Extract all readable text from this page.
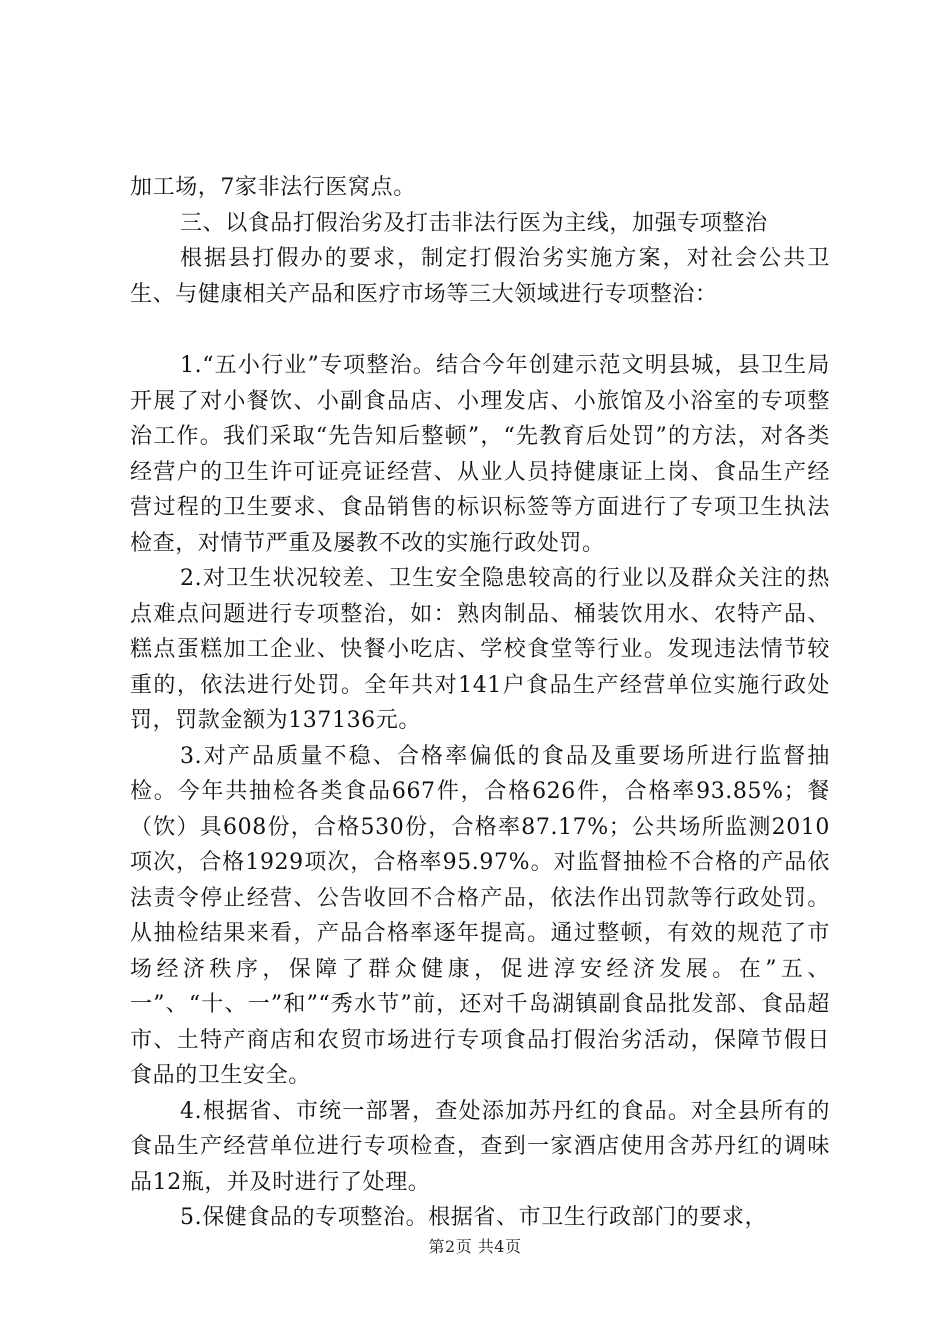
加工场，7家非法行医窝点。

三、以食品打假治劣及打击非法行医为主线，加强专项整治

根据县打假办的要求，制定打假治劣实施方案，对社会公共卫生、与健康相关产品和医疗市场等三大领域进行专项整治：

1.“五小行业”专项整治。结合今年创建示范文明县城，县卫生局开展了对小餐饮、小副食品店、小理发店、小旅馆及小浴室的专项整治工作。我们采取“先告知后整顿”，“先教育后处罚”的方法，对各类经营户的卫生许可证亮证经营、从业人员持健康证上岗、食品生产经营过程的卫生要求、食品销售的标识标签等方面进行了专项卫生执法检查，对情节严重及屡教不改的实施行政处罚。

2.对卫生状况较差、卫生安全隐患较高的行业以及群众关注的热点难点问题进行专项整治，如：熟肉制品、桶装饮用水、农特产品、糕点蛋糕加工企业、快餐小吃店、学校食堂等行业。发现违法情节较重的，依法进行处罚。全年共对141户食品生产经营单位实施行政处罚，罚款金额为137136元。

3.对产品质量不稳、合格率偏低的食品及重要场所进行监督抽检。今年共抽检各类食品667件，合格626件，合格率93.85%；餐（饮）具608份，合格530份，合格率87.17%；公共场所监测2010项次，合格1929项次，合格率95.97%。对监督抽检不合格的产品依法责令停止经营、公告收回不合格产品，依法作出罚款等行政处罚。从抽检结果来看，产品合格率逐年提高。通过整顿，有效的规范了市场经济秩序，保障了群众健康，促进淳安经济发展。在”五、一”、“十、一”和”“秀水节”前，还对千岛湖镇副食品批发部、食品超市、土特产商店和农贸市场进行专项食品打假治劣活动，保障节假日食品的卫生安全。

4.根据省、市统一部署，查处添加苏丹红的食品。对全县所有的食品生产经营单位进行专项检查，查到一家酒店使用含苏丹红的调味品12瓶，并及时进行了处理。

5.保健食品的专项整治。根据省、市卫生行政部门的要求，

第2页 共4页
